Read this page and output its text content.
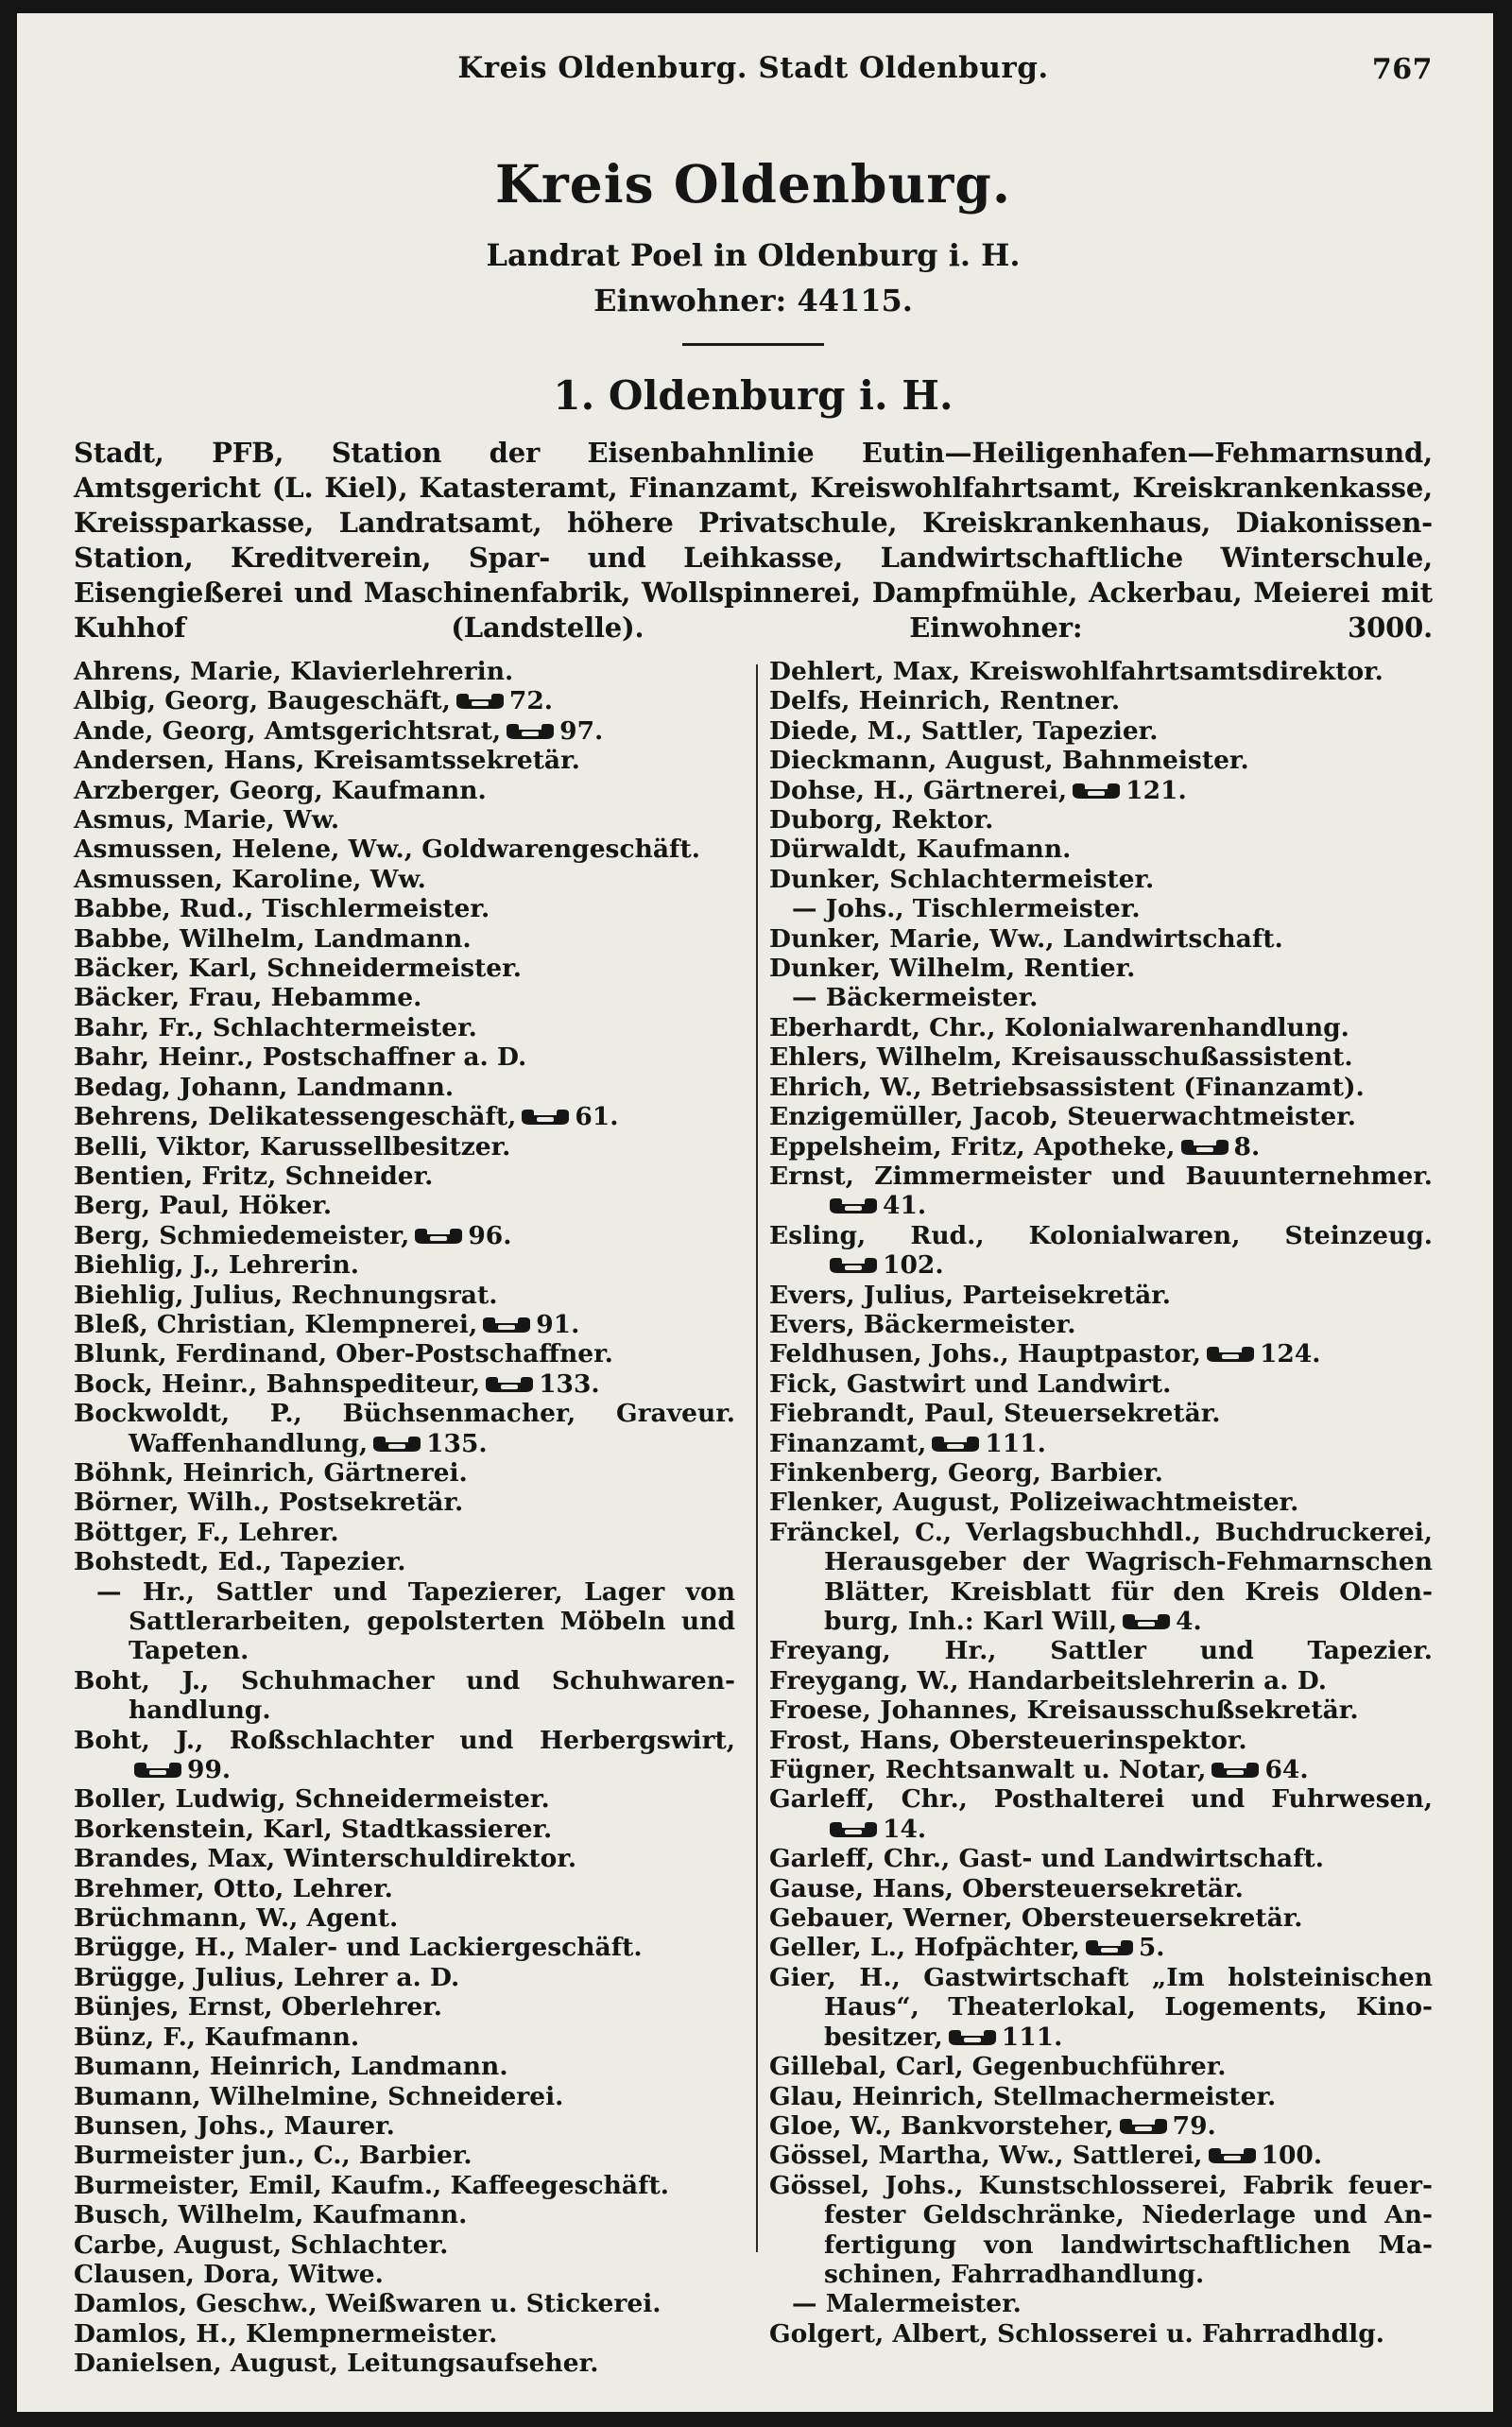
Kreis Oldenburg. Stadt Oldenburg.	767
Kreis Oldenburg.
Landrat Poel in Oldenburg i. H.
Einwohner: 44115.
1. Oldenburg i. H.
Stadt, PFB, Station der Eisenbahnlinie Eutin—Heiligenhafen—Fehmarnsund, Amtsgericht (L. Kiel), Katasteramt, Finanzamt, Kreiswohlfahrtsamt, Kreiskrankenkasse, Kreissparkasse, Landratsamt, höhere Privatschule, Kreiskrankenhaus, Diakonissen-Station, Kreditverein, Spar- und Leihkasse, Landwirtschaftliche Winterschule, Eisengießerei und Maschinenfabrik, Wollspinnerei, Dampfmühle, Ackerbau, Meierei mit Kuhhof (Landstelle). Einwohner: 3000.
Ahrens, Marie, Klavierlehrerin.
Albig, Georg, Baugeschäft, 72.
Ande, Georg, Amtsgerichtsrat, 97.
Andersen, Hans, Kreisamtssekretär.
Arzberger, Georg, Kaufmann.
Asmus, Marie, Ww.
Asmussen, Helene, Ww., Goldwarengeschäft.
Asmussen, Karoline, Ww.
Babbe, Rud., Tischlermeister.
Babbe, Wilhelm, Landmann.
Bäcker, Karl, Schneidermeister.
Bäcker, Frau, Hebamme.
Bahr, Fr., Schlachtermeister.
Bahr, Heinr., Postschaffner a. D.
Bedag, Johann, Landmann.
Behrens, Delikatessengeschäft, 61.
Belli, Viktor, Karussellbesitzer.
Bentien, Fritz, Schneider.
Berg, Paul, Höker.
Berg, Schmiedemeister, 96.
Biehlig, J., Lehrerin.
Biehlig, Julius, Rechnungsrat.
Bleß, Christian, Klempnerei, 91.
Blunk, Ferdinand, Ober-Postschaffner.
Bock, Heinr., Bahnspediteur, 133.
Bockwoldt, P., Büchsenmacher, Graveur.
Waffenhandlung, 135.
Böhnk, Heinrich, Gärtnerei.
Börner, Wilh., Postsekretär.
Böttger, F., Lehrer.
Bohstedt, Ed., Tapezier.
— Hr., Sattler und Tapezierer, Lager von
Sattlerarbeiten, gepolsterten Möbeln und
Tapeten.
Boht, J., Schuhmacher und Schuhwaren-
handlung.
Boht, J., Roßschlachter und Herbergswirt,
99.
Boller, Ludwig, Schneidermeister.
Borkenstein, Karl, Stadtkassierer.
Brandes, Max, Winterschuldirektor.
Brehmer, Otto, Lehrer.
Brüchmann, W., Agent.
Brügge, H., Maler- und Lackiergeschäft.
Brügge, Julius, Lehrer a. D.
Bünjes, Ernst, Oberlehrer.
Bünz, F., Kaufmann.
Bumann, Heinrich, Landmann.
Bumann, Wilhelmine, Schneiderei.
Bunsen, Johs., Maurer.
Burmeister jun., C., Barbier.
Burmeister, Emil, Kaufm., Kaffeegeschäft.
Busch, Wilhelm, Kaufmann.
Carbe, August, Schlachter.
Clausen, Dora, Witwe.
Damlos, Geschw., Weißwaren u. Stickerei.
Damlos, H., Klempnermeister.
Danielsen, August, Leitungsaufseher.
Dehlert, Max, Kreiswohlfahrtsamtsdirektor.
Delfs, Heinrich, Rentner.
Diede, M., Sattler, Tapezier.
Dieckmann, August, Bahnmeister.
Dohse, H., Gärtnerei, 121.
Duborg, Rektor.
Dürwaldt, Kaufmann.
Dunker, Schlachtermeister.
— Johs., Tischlermeister.
Dunker, Marie, Ww., Landwirtschaft.
Dunker, Wilhelm, Rentier.
— Bäckermeister.
Eberhardt, Chr., Kolonialwarenhandlung.
Ehlers, Wilhelm, Kreisausschußassistent.
Ehrich, W., Betriebsassistent (Finanzamt).
Enzigemüller, Jacob, Steuerwachtmeister.
Eppelsheim, Fritz, Apotheke, 8.
Ernst, Zimmermeister und Bauunternehmer.
41.
Esling, Rud., Kolonialwaren, Steinzeug.
102.
Evers, Julius, Parteisekretär.
Evers, Bäckermeister.
Feldhusen, Johs., Hauptpastor, 124.
Fick, Gastwirt und Landwirt.
Fiebrandt, Paul, Steuersekretär.
Finanzamt, 111.
Finkenberg, Georg, Barbier.
Flenker, August, Polizeiwachtmeister.
Fränckel, C., Verlagsbuchhdl., Buchdruckerei,
Herausgeber der Wagrisch-Fehmarnschen
Blätter, Kreisblatt für den Kreis Olden-
burg, Inh.: Karl Will, 4.
Freyang, Hr., Sattler und Tapezier.
Freygang, W., Handarbeitslehrerin a. D.
Froese, Johannes, Kreisausschußsekretär.
Frost, Hans, Obersteuerinspektor.
Fügner, Rechtsanwalt u. Notar, 64.
Garleff, Chr., Posthalterei und Fuhrwesen,
14.
Garleff, Chr., Gast- und Landwirtschaft.
Gause, Hans, Obersteuersekretär.
Gebauer, Werner, Obersteuersekretär.
Geller, L., Hofpächter, 5.
Gier, H., Gastwirtschaft „Im holsteinischen
Haus“, Theaterlokal, Logements, Kino-
besitzer, 111.
Gillebal, Carl, Gegenbuchführer.
Glau, Heinrich, Stellmachermeister.
Gloe, W., Bankvorsteher, 79.
Gössel, Martha, Ww., Sattlerei, 100.
Gössel, Johs., Kunstschlosserei, Fabrik feuer-
fester Geldschränke, Niederlage und An-
fertigung von landwirtschaftlichen Ma-
schinen, Fahrradhandlung.
— Malermeister.
Golgert, Albert, Schlosserei u. Fahrradhdlg.
